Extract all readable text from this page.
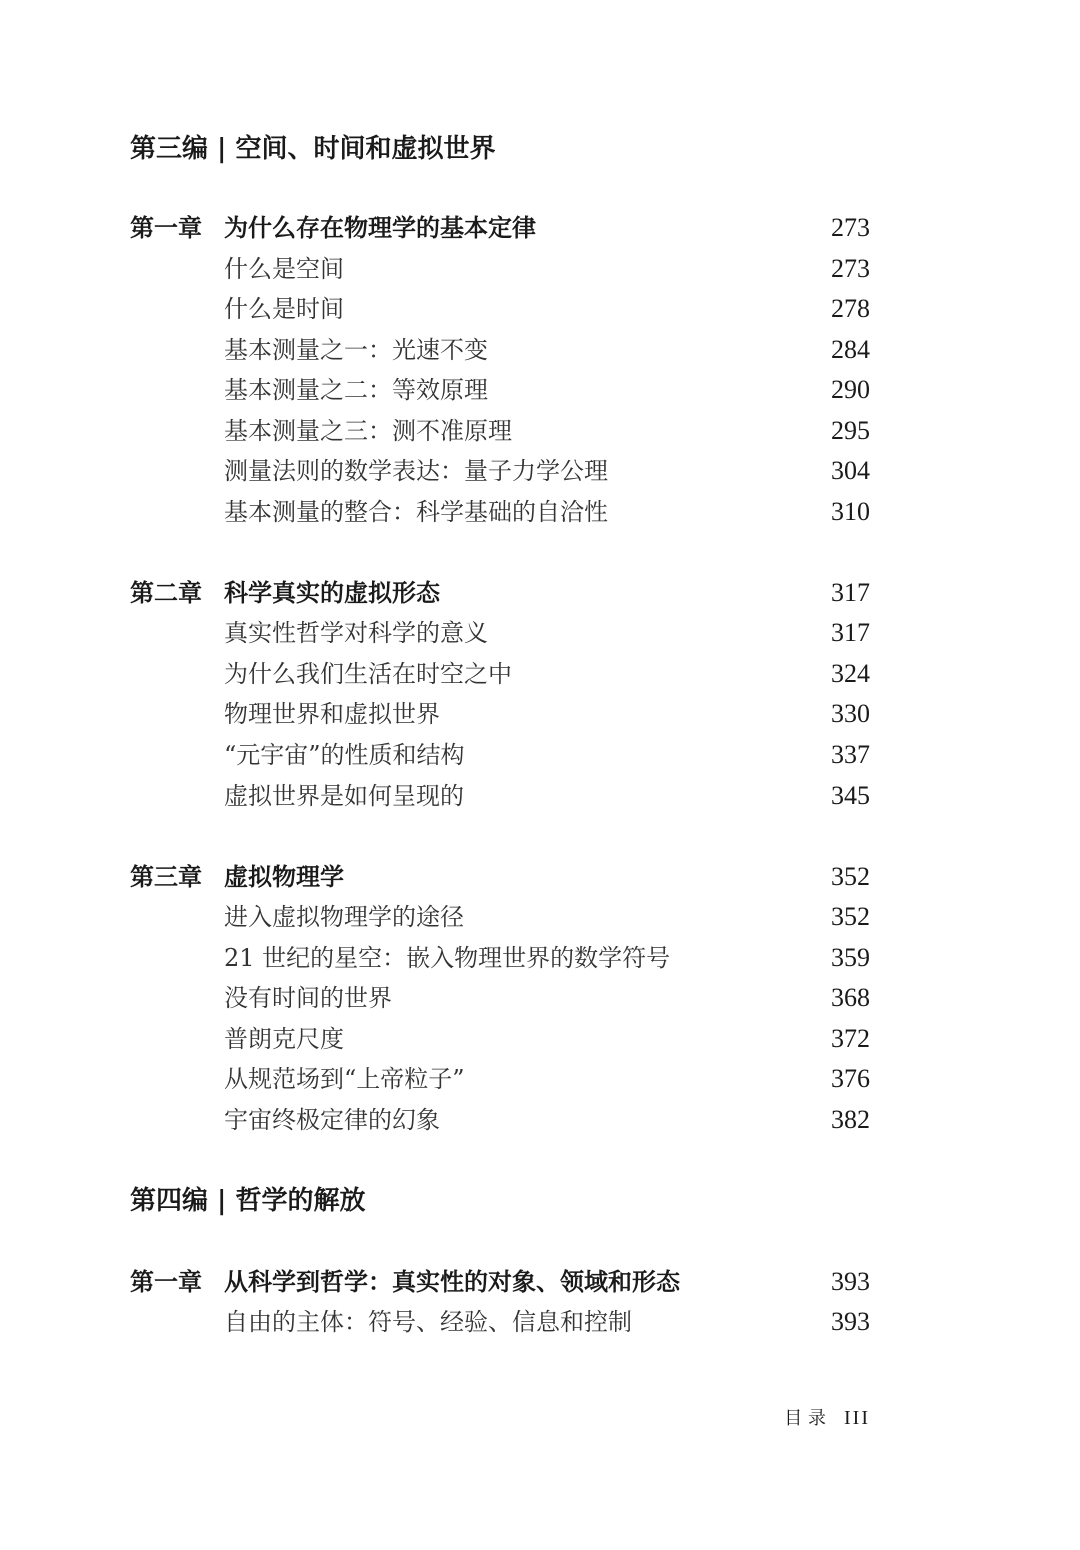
第三编 | 空间、时间和虚拟世界
第一章 为什么存在物理学的基本定律	273
什么是空间	273
什么是时间	278
基本测量之一：光速不变	284
基本测量之二：等效原理	290
基本测量之三：测不准原理	295
测量法则的数学表达：量子力学公理	304
基本测量的整合：科学基础的自洽性	310
第二章 科学真实的虚拟形态	317
真实性哲学对科学的意义	317
为什么我们生活在时空之中	324
物理世界和虚拟世界	330
“元宇宙”的性质和结构	337
虚拟世界是如何呈现的	345
第三章 虚拟物理学	352
进入虚拟物理学的途径	352
21 世纪的星空：嵌入物理世界的数学符号	359
没有时间的世界	368
普朗克尺度	372
从规范场到“上帝粒子”	376
宇宙终极定律的幻象	382
第四编 | 哲学的解放
第一章 从科学到哲学：真实性的对象、领域和形态	393
自由的主体：符号、经验、信息和控制	393
目 录 III
